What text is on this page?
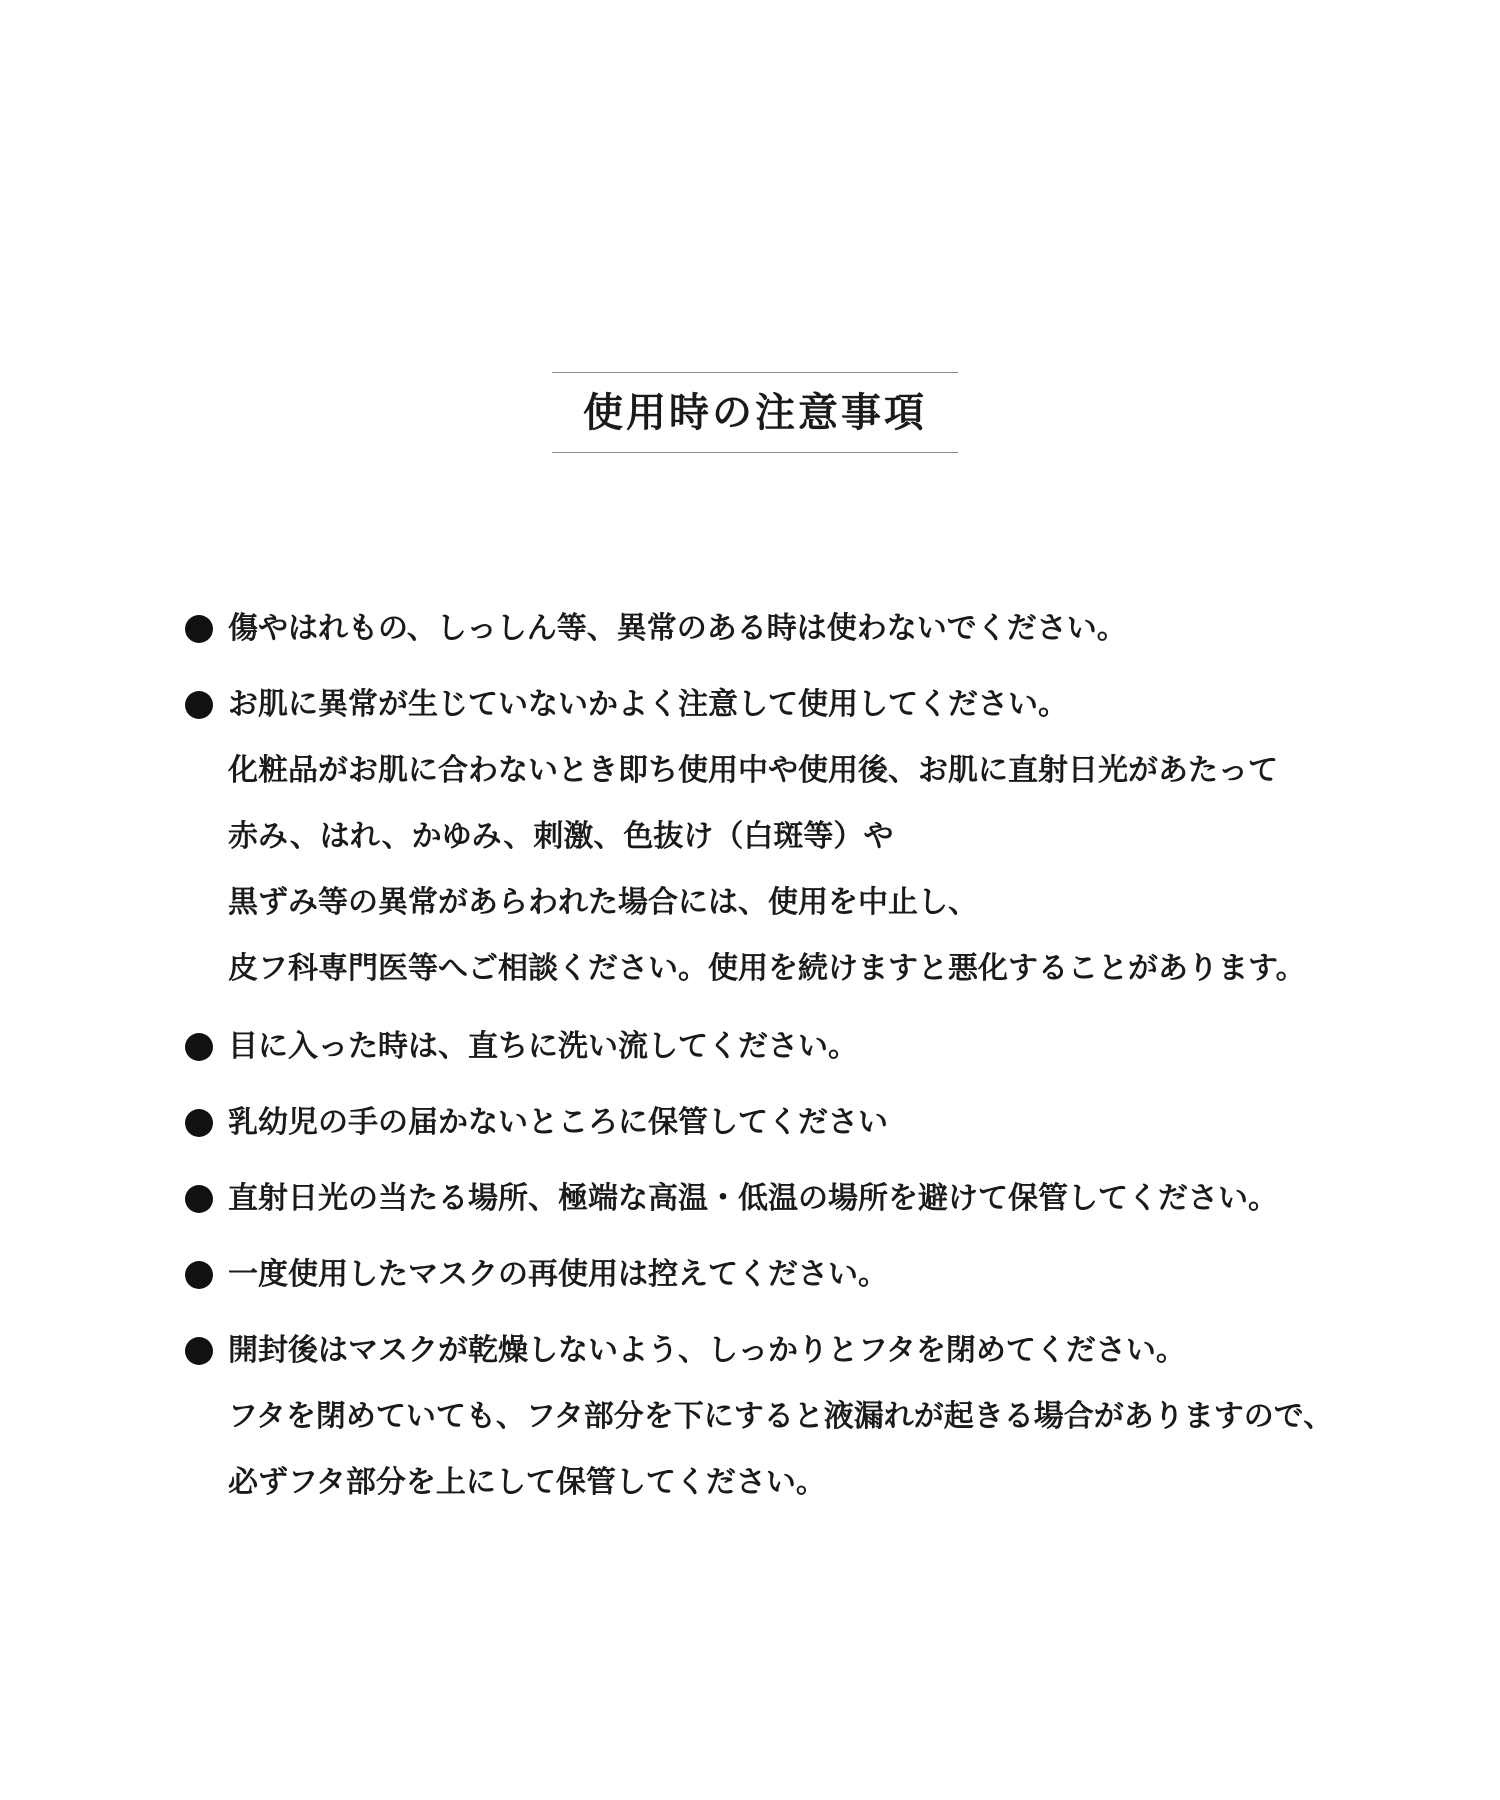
使用時の注意事項
傷やはれもの、しっしん等、異常のある時は使わないでください。
お肌に異常が生じていないかよく注意して使用してください。
化粧品がお肌に合わないとき即ち使用中や使用後、お肌に直射日光があたって
赤み、はれ、かゆみ、刺激、色抜け（白斑等）や
黒ずみ等の異常があらわれた場合には、使用を中止し、
皮フ科専門医等へご相談ください。使用を続けますと悪化することがあります。
目に入った時は、直ちに洗い流してください。
乳幼児の手の届かないところに保管してください
直射日光の当たる場所、極端な高温・低温の場所を避けて保管してください。
一度使用したマスクの再使用は控えてください。
開封後はマスクが乾燥しないよう、しっかりとフタを閉めてください。
フタを閉めていても、フタ部分を下にすると液漏れが起きる場合がありますので、
必ずフタ部分を上にして保管してください。
